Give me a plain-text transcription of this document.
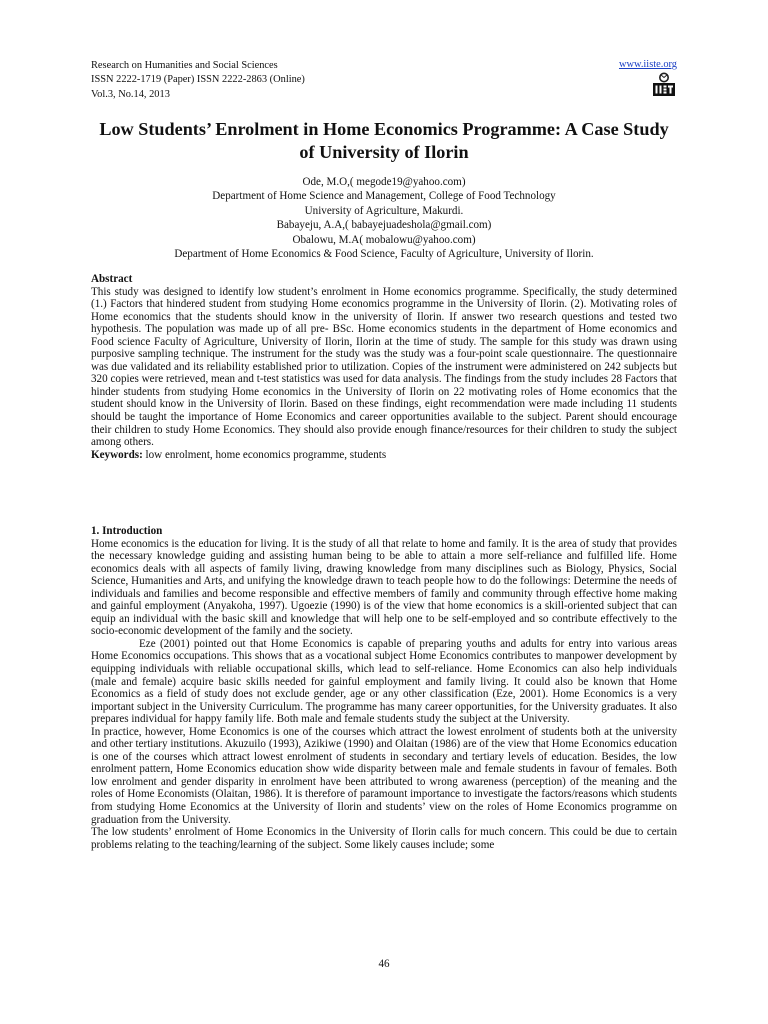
Research on Humanities and Social Sciences
ISSN 2222-1719 (Paper) ISSN 2222-2863 (Online)
Vol.3, No.14, 2013
www.iiste.org
Low Students’ Enrolment in Home Economics Programme: A Case Study of University of Ilorin
Ode, M.O,( megode19@yahoo.com)
Department of Home Science and Management, College of Food Technology
University of Agriculture, Makurdi.
Babayeju, A.A,( babayejuadeshola@gmail.com)
Obalowu, M.A( mobalowu@yahoo.com)
Department of Home Economics & Food Science, Faculty of Agriculture, University of Ilorin.

Abstract

This study was designed to identify low student’s enrolment in Home economics programme. Specifically, the study determined (1.) Factors that hindered student from studying Home economics programme in the University of Ilorin. (2). Motivating roles of Home economics that the students should know in the university of Ilorin. If answer two research questions and tested two hypothesis. The population was made up of all pre- BSc. Home economics students in the department of Home economics and Food science Faculty of Agriculture, University of Ilorin, Ilorin at the time of study. The sample for this study was drawn using purposive sampling technique. The instrument for the study was the study was a four-point scale questionnaire. The questionnaire was due validated and its reliability established prior to utilization. Copies of the instrument were administered on 242 subjects but 320 copies were retrieved, mean and t-test statistics was used for data analysis. The findings from the study includes 28 Factors that hinder students from studying Home economics in the University of Ilorin on 22 motivating roles of Home economics that the student should know in the University of Ilorin. Based on these findings, eight recommendation were made including 11 students should be taught the importance of Home Economics and career opportunities available to the subject. Parent should encourage their children to study Home Economics. They should also provide enough finance/resources for their children to study the subject among others.

Keywords: low enrolment, home economics programme, students

1. Introduction

Home economics is the education for living. It is the study of all that relate to home and family. It is the area of study that provides the necessary knowledge guiding and assisting human being to be able to attain a more self-reliance and fulfilled life. Home economics deals with all aspects of family living, drawing knowledge from many disciplines such as Biology, Physics, Social Science, Humanities and Arts, and unifying the knowledge drawn to teach people how to do the followings: Determine the needs of individuals and families and become responsible and effective members of family and community through effective home making and gainful employment (Anyakoha, 1997). Ugoezie (1990) is of the view that home economics is a skill-oriented subject that can equip an individual with the basic skill and knowledge that will help one to be self-employed and so contribute effectively to the socio-economic development of the family and the society.

Eze (2001) pointed out that Home Economics is capable of preparing youths and adults for entry into various areas Home Economics occupations. This shows that as a vocational subject Home Economics contributes to manpower development by equipping individuals with reliable occupational skills, which lead to self-reliance. Home Economics can also help individuals (male and female) acquire basic skills needed for gainful employment and family living. It could also be known that Home Economics as a field of study does not exclude gender, age or any other classification (Eze, 2001). Home Economics is a very important subject in the University Curriculum. The programme has many career opportunities, for the University graduates. It also prepares individual for happy family life. Both male and female students study the subject at the University.

In practice, however, Home Economics is one of the courses which attract the lowest enrolment of students both at the university and other tertiary institutions. Akuzuilo (1993), Azikiwe (1990) and Olaitan (1986) are of the view that Home Economics education is one of the courses which attract lowest enrolment of students in secondary and tertiary levels of education. Besides, the low enrolment pattern, Home Economics education show wide disparity between male and female students in favour of females. Both low enrolment and gender disparity in enrolment have been attributed to wrong awareness (perception) of the meaning and the roles of Home Economists (Olaitan, 1986). It is therefore of paramount importance to investigate the factors/reasons which students from studying Home Economics at the University of Ilorin and students’ view on the roles of Home Economics programme on graduation from the University.

The low students’ enrolment of Home Economics in the University of Ilorin calls for much concern. This could be due to certain problems relating to the teaching/learning of the subject. Some likely causes include; some

46
